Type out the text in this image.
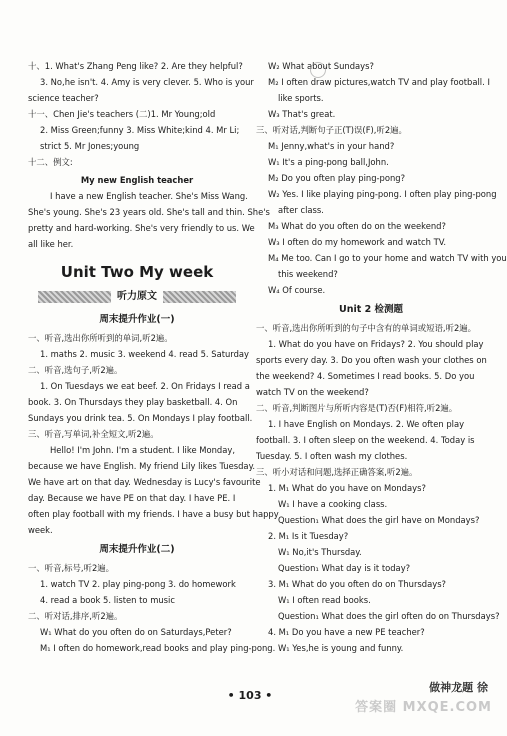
十、1. What's Zhang Peng like? 2. Are they helpful?
3. No,he isn't. 4. Amy is very clever. 5. Who is your
science teacher?
十一、Chen Jie's teachers (二)1. Mr Young;old
2. Miss Green;funny 3. Miss White;kind 4. Mr Li;
strict 5. Mr Jones;young
十二、例文:
My new English teacher
I have a new English teacher. She's Miss Wang.
She's young. She's 23 years old. She's tall and thin. She's
pretty and hard-working. She's very friendly to us. We
all like her.
Unit Two My week
听力原文
周末提升作业(一)
一、听音,选出你所听到的单词,听2遍。
1. maths 2. music 3. weekend 4. read 5. Saturday
二、听音,选句子,听2遍。
1. On Tuesdays we eat beef. 2. On Fridays I read a
book. 3. On Thursdays they play basketball. 4. On
Sundays you drink tea. 5. On Mondays I play football.
三、听音,写单词,补全短文,听2遍。
Hello! I'm John. I'm a student. I like Monday,
because we have English. My friend Lily likes Tuesday.
We have art on that day. Wednesday is Lucy's favourite
day. Because we have PE on that day. I have PE. I
often play football with my friends. I have a busy but happy
week.
周末提升作业(二)
一、听音,标号,听2遍。
1. watch TV 2. play ping-pong 3. do homework
4. read a book 5. listen to music
二、听对话,排序,听2遍。
W₁ What do you often do on Saturdays,Peter?
M₁ I often do homework,read books and play ping-pong.
W₂ What about Sundays?
M₂ I often draw pictures,watch TV and play football. I
like sports.
W₃ That's great.
三、听对话,判断句子正(T)误(F),听2遍。
M₁ Jenny,what's in your hand?
W₁ It's a ping-pong ball,John.
M₂ Do you often play ping-pong?
W₂ Yes. I like playing ping-pong. I often play ping-pong
after class.
M₃ What do you often do on the weekend?
W₃ I often do my homework and watch TV.
M₄ Me too. Can I go to your home and watch TV with you
this weekend?
W₄ Of course.
Unit 2 检测题
一、听音,选出你所听到的句子中含有的单词或短语,听2遍。
1. What do you have on Fridays? 2. You should play
sports every day. 3. Do you often wash your clothes on
the weekend? 4. Sometimes I read books. 5. Do you
watch TV on the weekend?
二、听音,判断图片与所听内容是(T)否(F)相符,听2遍。
1. I have English on Mondays. 2. We often play
football. 3. I often sleep on the weekend. 4. Today is
Tuesday. 5. I often wash my clothes.
三、听小对话和问题,选择正确答案,听2遍。
1. M₁ What do you have on Mondays?
W₁ I have a cooking class.
Question₁ What does the girl have on Mondays?
2. M₁ Is it Tuesday?
W₁ No,it's Thursday.
Question₁ What day is it today?
3. M₁ What do you often do on Thursdays?
W₁ I often read books.
Question₁ What does the girl often do on Thursdays?
4. M₁ Do you have a new PE teacher?
W₁ Yes,he is young and funny.
• 103 •
做神龙题 徐
答案圈 MXQE.COM
